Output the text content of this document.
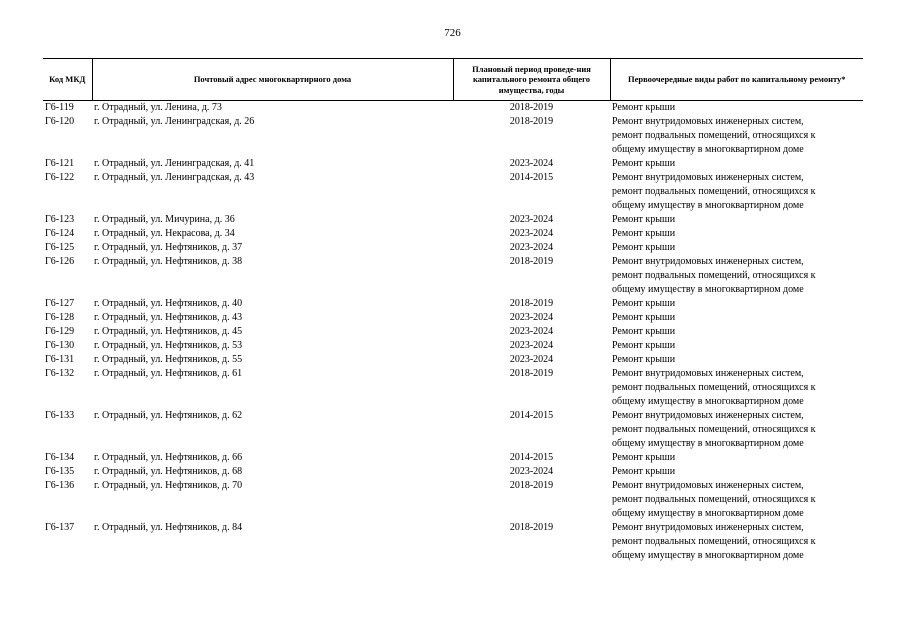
726
Код МКД	Почтовый адрес многоквартирного дома	Плановый период проведе-ния капитального ремонта общего имущества, годы	Первоочередные виды работ по капитальному ремонту*
Г6-119	г. Отрадный, ул. Ленина, д. 73	2018-2019	Ремонт крыши

Г6-120	г. Отрадный, ул. Ленинградская, д. 26	2018-2019	Ремонт внутридомовых инженерных систем,
ремонт подвальных помещений, относящихся к
общему имуществу в многоквартирном доме

Г6-121	г. Отрадный, ул. Ленинградская, д. 41	2023-2024	Ремонт крыши

Г6-122	г. Отрадный, ул. Ленинградская, д. 43	2014-2015	Ремонт внутридомовых инженерных систем,
ремонт подвальных помещений, относящихся к
общему имуществу в многоквартирном доме

Г6-123	г. Отрадный, ул. Мичурина, д. 36	2023-2024	Ремонт крыши

Г6-124	г. Отрадный, ул. Некрасова, д. 34	2023-2024	Ремонт крыши

Г6-125	г. Отрадный, ул. Нефтяников, д. 37	2023-2024	Ремонт крыши

Г6-126	г. Отрадный, ул. Нефтяников, д. 38	2018-2019	Ремонт внутридомовых инженерных систем,
ремонт подвальных помещений, относящихся к
общему имуществу в многоквартирном доме

Г6-127	г. Отрадный, ул. Нефтяников, д. 40	2018-2019	Ремонт крыши

Г6-128	г. Отрадный, ул. Нефтяников, д. 43	2023-2024	Ремонт крыши

Г6-129	г. Отрадный, ул. Нефтяников, д. 45	2023-2024	Ремонт крыши

Г6-130	г. Отрадный, ул. Нефтяников, д. 53	2023-2024	Ремонт крыши

Г6-131	г. Отрадный, ул. Нефтяников, д. 55	2023-2024	Ремонт крыши

Г6-132	г. Отрадный, ул. Нефтяников, д. 61	2018-2019	Ремонт внутридомовых инженерных систем,
ремонт подвальных помещений, относящихся к
общему имуществу в многоквартирном доме

Г6-133	г. Отрадный, ул. Нефтяников, д. 62	2014-2015	Ремонт внутридомовых инженерных систем,
ремонт подвальных помещений, относящихся к
общему имуществу в многоквартирном доме

Г6-134	г. Отрадный, ул. Нефтяников, д. 66	2014-2015	Ремонт крыши

Г6-135	г. Отрадный, ул. Нефтяников, д. 68	2023-2024	Ремонт крыши

Г6-136	г. Отрадный, ул. Нефтяников, д. 70	2018-2019	Ремонт внутридомовых инженерных систем,
ремонт подвальных помещений, относящихся к
общему имуществу в многоквартирном доме

Г6-137	г. Отрадный, ул. Нефтяников, д. 84	2018-2019	Ремонт внутридомовых инженерных систем,
ремонт подвальных помещений, относящихся к
общему имуществу в многоквартирном доме
